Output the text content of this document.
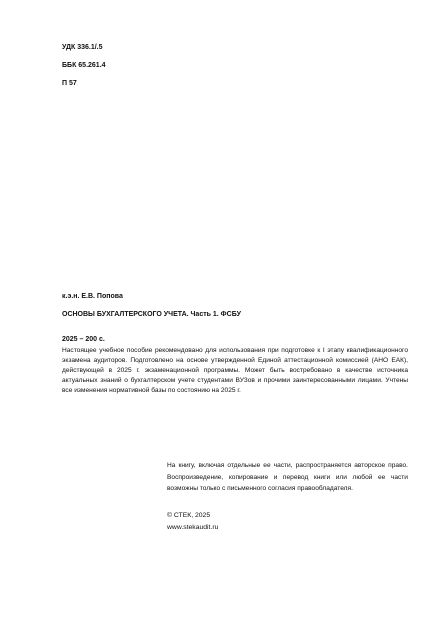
УДК 336.1/.5
ББК 65.261.4
П 57
к.э.н. Е.В. Попова
ОСНОВЫ БУХГАЛТЕРСКОГО УЧЕТА. Часть 1. ФСБУ
2025 – 200 с.

Настоящее учебное пособие рекомендовано для использования при подготовке к I этапу квалификационного экзамена аудиторов. Подготовлено на основе утвержденной Единой аттестационной комиссией (АНО ЕАК), действующей в 2025 г. экзаменационной программы. Может быть востребовано в качестве источника актуальных знаний о бухгалтерском учете студентами ВУЗов и прочими заинтересованными лицами. Учтены все изменения нормативной базы по состоянию на 2025 г.

На книгу, включая отдельные ее части, распространяется авторское право. Воспроизведение, копирование и перевод книги или любой ее части возможны только с письменного согласия правообладателя.

© СТЕК, 2025
www.stekaudit.ru
